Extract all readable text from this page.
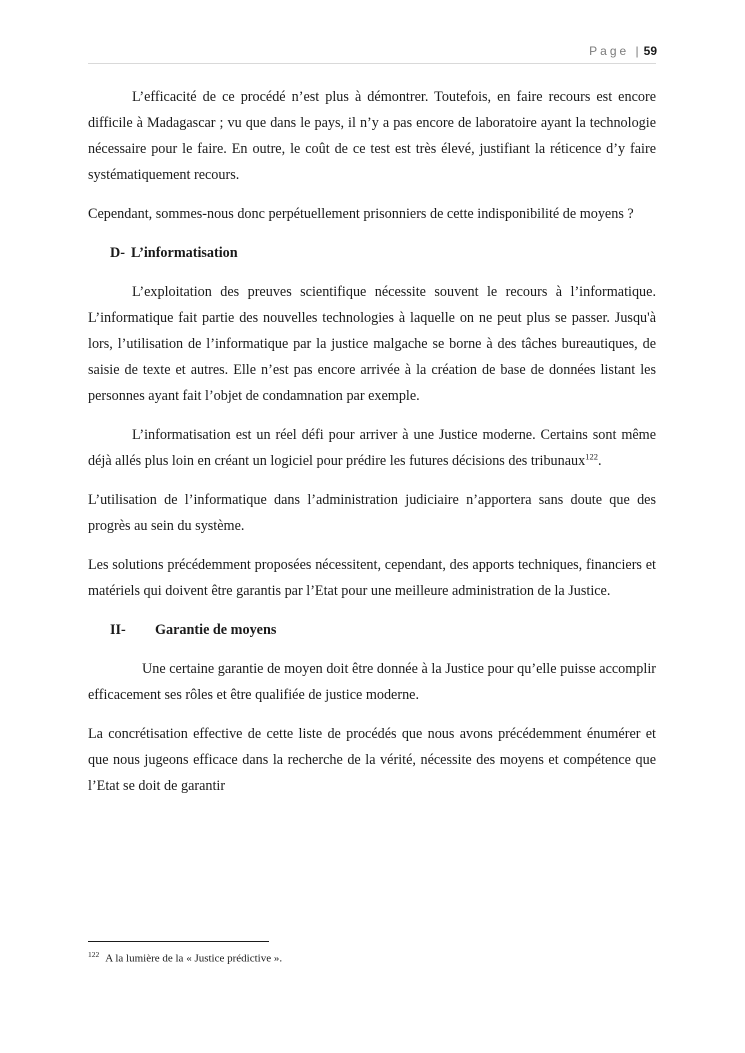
Page | 59

L’efficacité de ce procédé n’est plus à démontrer. Toutefois, en faire recours est encore difficile à Madagascar ; vu que dans le pays, il n’y a pas encore de laboratoire ayant la technologie nécessaire pour le faire. En outre, le coût de ce test est très élevé, justifiant la réticence d’y faire systématiquement recours.

Cependant, sommes-nous donc perpétuellement prisonniers de cette indisponibilité de moyens ?

D- L’informatisation

L’exploitation des preuves scientifique nécessite souvent le recours à l’informatique. L’informatique fait partie des nouvelles technologies à laquelle on ne peut plus se passer. Jusqu'à lors, l’utilisation de l’informatique par la justice malgache se borne à des tâches bureautiques, de saisie de texte et autres. Elle n’est pas encore arrivée à la création de base de données listant les personnes ayant fait l’objet de condamnation par exemple.

L’informatisation est un réel défi pour arriver à une Justice moderne. Certains sont même déjà allés plus loin en créant un logiciel pour prédire les futures décisions des tribunaux$^{122}$.

L’utilisation de l’informatique dans l’administration judiciaire n’apportera sans doute que des progrès au sein du système.

Les solutions précédemment proposées nécessitent, cependant, des apports techniques, financiers et matériels qui doivent être garantis par l’Etat pour une meilleure administration de la Justice.

II- Garantie de moyens

Une certaine garantie de moyen doit être donnée à la Justice pour qu’elle puisse accomplir efficacement ses rôles et être qualifiée de justice moderne.

La concrétisation effective de cette liste de procédés que nous avons précédemment énumérer et que nous jugeons efficace dans la recherche de la vérité, nécessite des moyens et compétence que l’Etat se doit de garantir

$^{122}$ A la lumière de la « Justice prédictive ».
